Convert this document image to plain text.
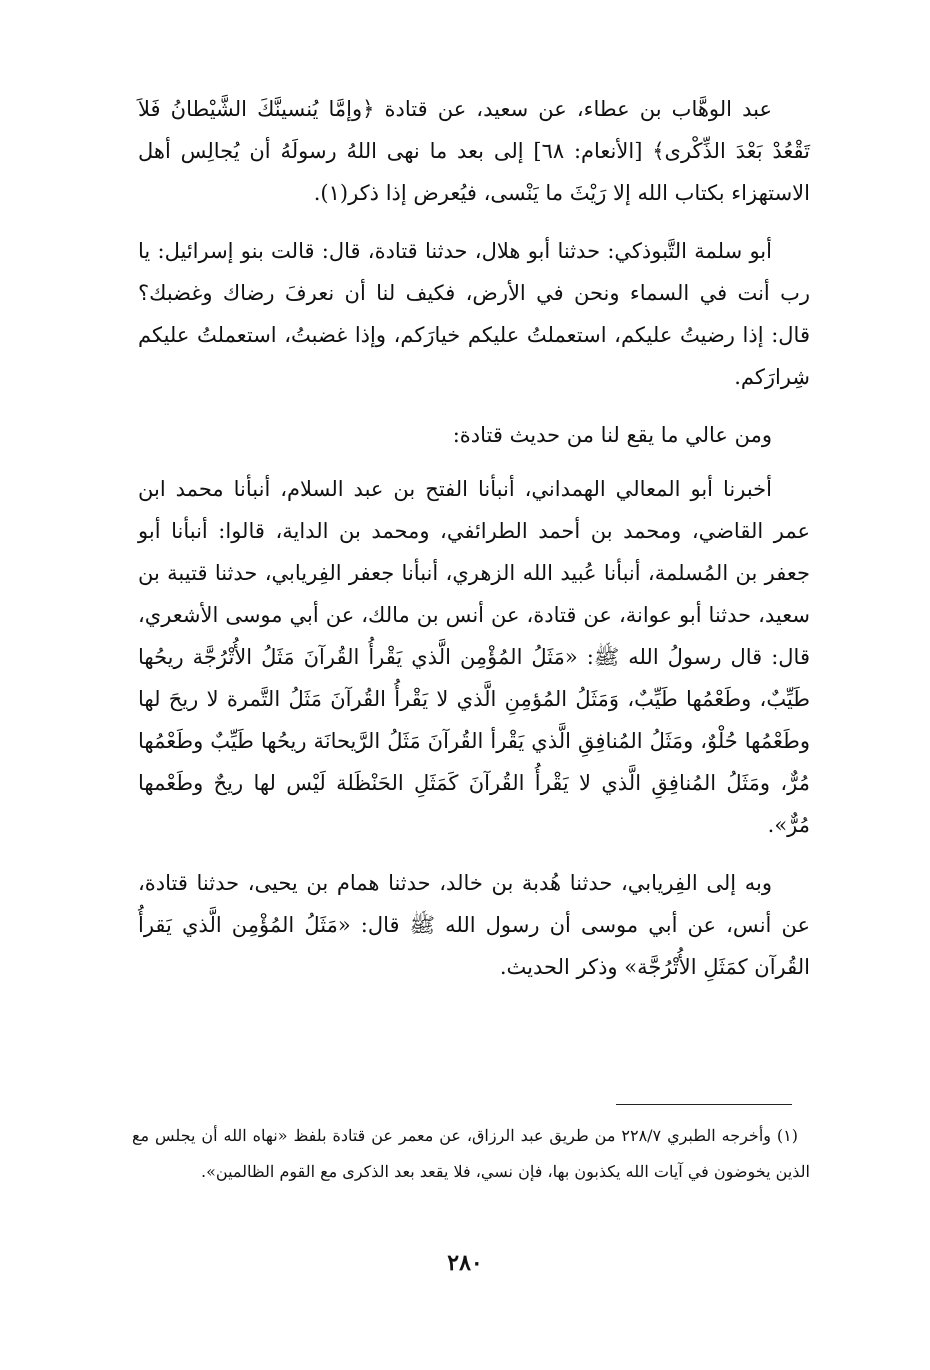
عبد الوهَّاب بن عطاء، عن سعيد، عن قتادة ﴿وإمَّا يُنسينَّكَ الشَّيْطانُ فَلاَ تَقْعُدْ بَعْدَ الذِّكْرى﴾ [الأنعام: ٦٨] إلى بعد ما نهى اللهُ رسولَهُ أن يُجالِس أهل الاستهزاء بكتاب الله إلا رَيْثَ ما يَنْسى، فيُعرض إذا ذكر(١).

أبو سلمة التَّبوذكي: حدثنا أبو هلال، حدثنا قتادة، قال: قالت بنو إسرائيل: يا رب أنت في السماء ونحن في الأرض، فكيف لنا أن نعرفَ رضاك وغضبك؟ قال: إذا رضيتُ عليكم، استعملتُ عليكم خيارَكم، وإذا غضبتُ، استعملتُ عليكم شِرارَكم.

ومن عالي ما يقع لنا من حديث قتادة:

أخبرنا أبو المعالي الهمداني، أنبأنا الفتح بن عبد السلام، أنبأنا محمد ابن عمر القاضي، ومحمد بن أحمد الطرائفي، ومحمد بن الداية، قالوا: أنبأنا أبو جعفر بن المُسلمة، أنبأنا عُبيد الله الزهري، أنبأنا جعفر الفِريابي، حدثنا قتيبة بن سعيد، حدثنا أبو عوانة، عن قتادة، عن أنس بن مالك، عن أبي موسى الأشعري، قال: قال رسولُ الله ﷺ: «مَثَلُ المُؤْمِن الَّذي يَقْرأُ القُرآنَ مَثَلُ الأُتْرُجَّة ريحُها طَيِّبٌ، وطَعْمُها طَيِّبٌ، وَمَثَلُ المُؤمِنِ الَّذي لا يَقْرأُ القُرآنَ مَثَلُ التَّمرة لا ريحَ لها وطَعْمُها حُلْوٌ، ومَثَلُ المُنافِقِ الَّذي يَقْرأ القُرآنَ مَثَلُ الرَّيحانَة ريحُها طَيِّبٌ وطَعْمُها مُرٌّ، ومَثَلُ المُنافِقِ الَّذي لا يَقْرأُ القُرآنَ كَمَثَلِ الحَنْظَلة لَيْس لها ريحٌ وطَعْمها مُرٌّ».

وبه إلى الفِريابي، حدثنا هُدبة بن خالد، حدثنا همام بن يحيى، حدثنا قتادة، عن أنس، عن أبي موسى أن رسول الله ﷺ قال: «مَثَلُ المُؤْمِن الَّذي يَقرأُ القُرآن كمَثَلِ الأُتْرُجَّة» وذكر الحديث.

(١) وأخرجه الطبري ٢٢٨/٧ من طريق عبد الرزاق، عن معمر عن قتادة بلفظ «نهاه الله أن يجلس مع الذين يخوضون في آيات الله يكذبون بها، فإن نسي، فلا يقعد بعد الذكرى مع القوم الظالمين».

٢٨٠
